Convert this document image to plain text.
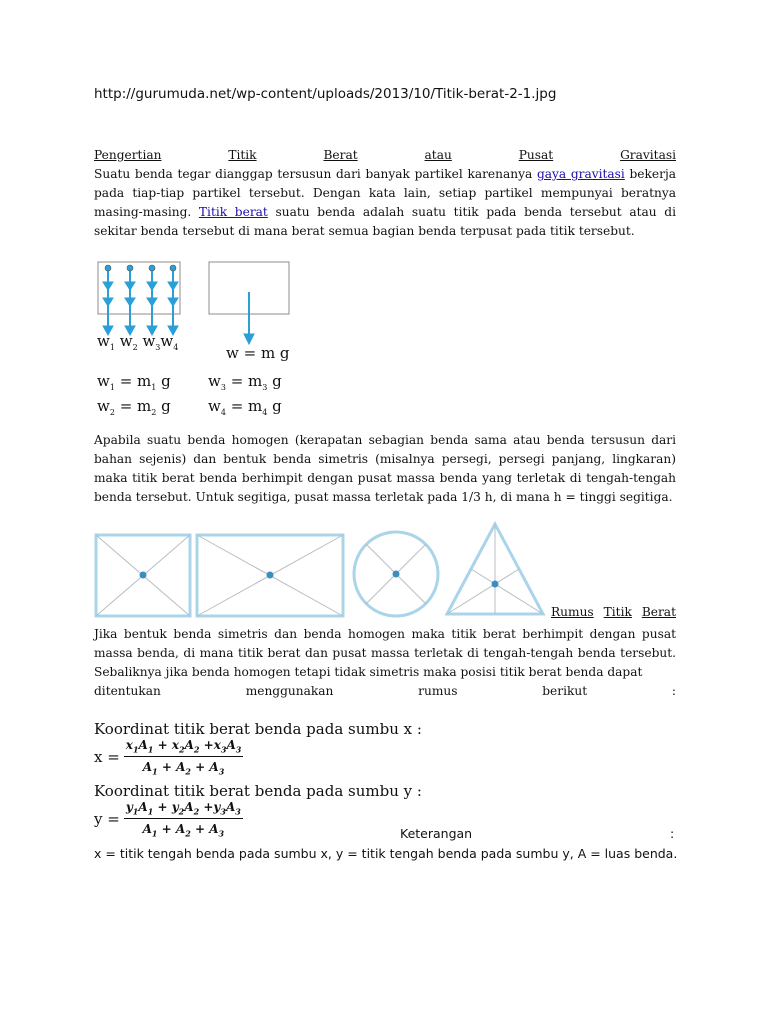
http://gurumuda.net/wp-content/uploads/2013/10/Titik-berat-2-1.jpg
Pengertian	Titik	Berat	atau	Pusat	Gravitasi
Suatu benda tegar dianggap tersusun dari banyak partikel karenanya gaya gravitasi bekerja pada tiap-tiap partikel tersebut. Dengan kata lain, setiap partikel mempunyai beratnya masing-masing. Titik berat suatu benda adalah suatu titik pada benda tersebut atau di sekitar benda tersebut di mana berat semua bagian benda terpusat pada titik tersebut.
$w_1$ $w_2$ $w_3w_4$	w = m g
$w_1 = m_1$ g
$w_2 = m_2$ g
$w_3 = m_3$ g
$w_4 = m_4$ g
Apabila suatu benda homogen (kerapatan sebagian benda sama atau benda tersusun dari bahan sejenis) dan bentuk benda simetris (misalnya persegi, persegi panjang, lingkaran) maka titik berat benda berhimpit dengan pusat massa benda yang terletak di tengah-tengah benda tersebut. Untuk segitiga, pusat massa terletak pada 1/3 h, di mana h = tinggi segitiga.
Rumus Titik Berat
Jika bentuk benda simetris dan benda homogen maka titik berat berhimpit dengan pusat massa benda, di mana titik berat dan pusat massa terletak di tengah-tengah benda tersebut. Sebaliknya jika benda homogen tetapi tidak simetris maka posisi titik berat benda dapat
ditentukan	menggunakan	rumus	berikut	:
Koordinat titik berat benda pada sumbu x :
$x = \frac{x_1A_1 + x_2A_2 +x_3A_3}{A_1 + A_2 + A_3}$
Koordinat titik berat benda pada sumbu y :
$y = \frac{y_1A_1 + y_2A_2 +y_3A_3}{A_1 + A_2 + A_3}$	Keterangan	:
x = titik tengah benda pada sumbu x, y = titik tengah benda pada sumbu y, A = luas benda.
